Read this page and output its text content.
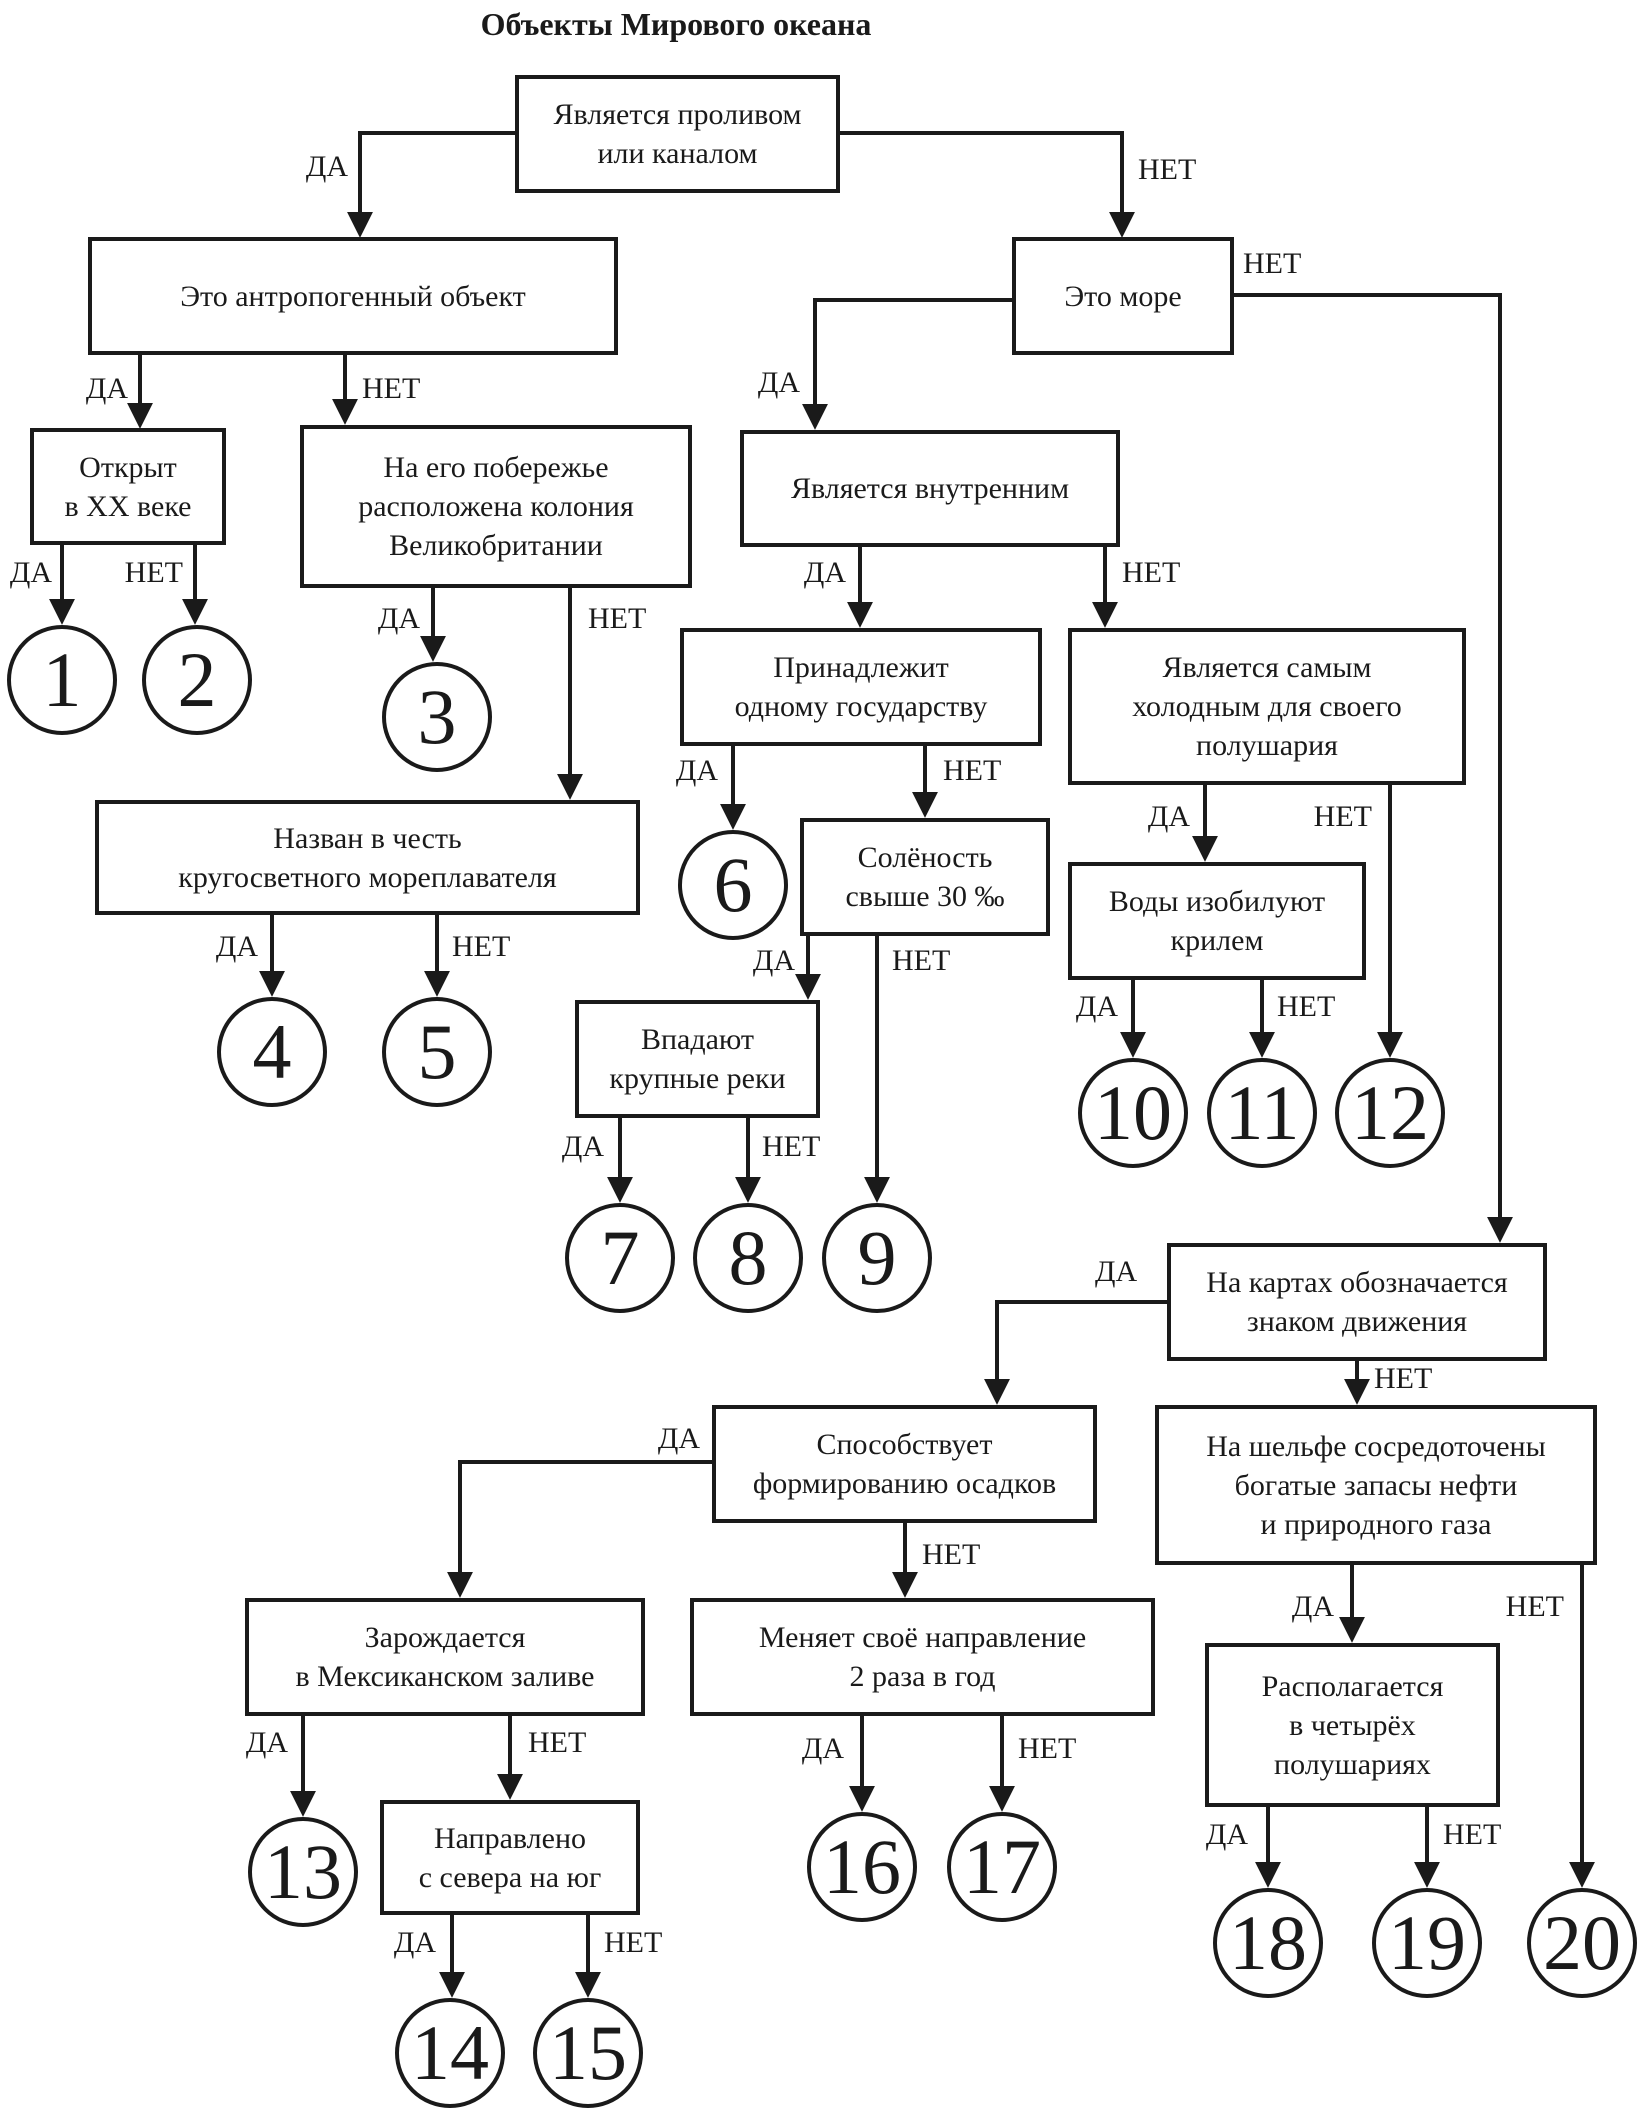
Объекты Мирового океана
Является проливом
или каналом
Это антропогенный объект	Это море
Открыт
в XX веке
На его побережье
расположена колония
Великобритании
Является внутренним
Принадлежит
одному государству
Является самым
холодным для своего
полушария
Назван в честь
кругосветного мореплавателя
Солёность
свыше 30 ‰	Воды изобилуют
крилем
Впадают
крупные реки
На картах обозначается
знаком движения
Способствует
формированию осадков
На шельфе сосредоточены
богатые запасы нефти
и природного газа
Зарождается
в Мексиканском заливе
Меняет своё направление
2 раза в год
Направлено
с севера на юг
Располагается
в четырёх
полушариях
1	2	3
4	5
6
7	8	9
10 11 12
13
14 15
16 17
18 19 20
ДА	НЕТ
ДА	НЕТ
ДА НЕТ
ДА	НЕТ
ДА	НЕТ
ДА
НЕТ
ДА	НЕТ
ДА	НЕТ
ДА	НЕТ
ДА	НЕТ
ДА	НЕТ
ДА	НЕТ
ДА
НЕТ
ДА
НЕТ
ДА	НЕТ
ДА	НЕТ	ДА	НЕТ
ДА	НЕТ
ДА	НЕТ
